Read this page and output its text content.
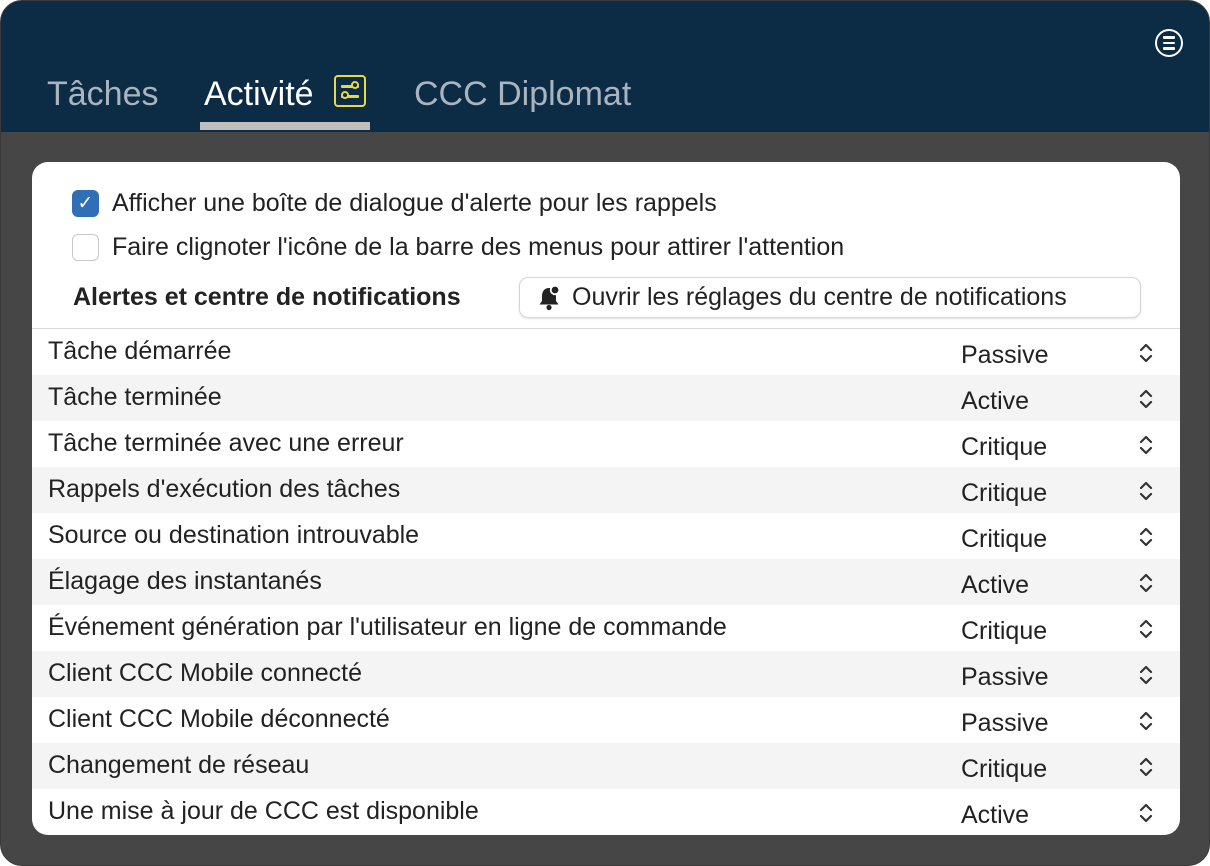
Tâches Activité	CCC Diplomat
✓ Afficher une boîte de dialogue d'alerte pour les rappels
Faire clignoter l'icône de la barre des menus pour attirer l'attention
Alertes et centre de notifications	Ouvrir les réglages du centre de notifications
Tâche démarrée	Passive
Tâche terminée	Active
Tâche terminée avec une erreur	Critique
Rappels d'exécution des tâches	Critique
Source ou destination introuvable	Critique
Élagage des instantanés	Active
Événement génération par l'utilisateur en ligne de commande	Critique
Client CCC Mobile connecté	Passive
Client CCC Mobile déconnecté	Passive
Changement de réseau	Critique
Une mise à jour de CCC est disponible	Active
